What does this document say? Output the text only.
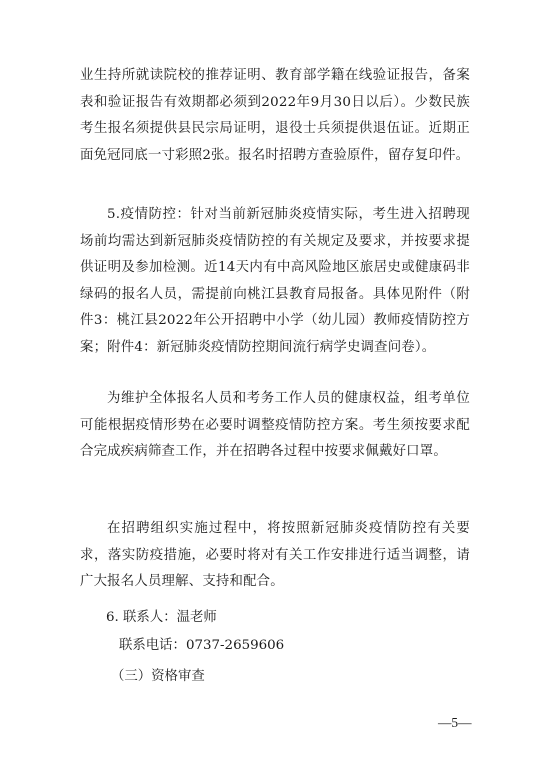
业生持所就读院校的推荐证明、教育部学籍在线验证报告，备案表和验证报告有效期都必须到2022年9月30日以后）。少数民族考生报名须提供县民宗局证明，退役士兵须提供退伍证。近期正面免冠同底一寸彩照2张。报名时招聘方查验原件，留存复印件。
5.疫情防控：针对当前新冠肺炎疫情实际，考生进入招聘现场前均需达到新冠肺炎疫情防控的有关规定及要求，并按要求提供证明及参加检测。近14天内有中高风险地区旅居史或健康码非绿码的报名人员，需提前向桃江县教育局报备。具体见附件（附件3：桃江县2022年公开招聘中小学（幼儿园）教师疫情防控方案；附件4：新冠肺炎疫情防控期间流行病学史调查问卷）。
为维护全体报名人员和考务工作人员的健康权益，组考单位可能根据疫情形势在必要时调整疫情防控方案。考生须按要求配合完成疾病筛查工作，并在招聘各过程中按要求佩戴好口罩。
在招聘组织实施过程中，将按照新冠肺炎疫情防控有关要求，落实防疫措施，必要时将对有关工作安排进行适当调整，请广大报名人员理解、支持和配合。
6. 联系人：温老师
联系电话：0737-2659606
（三）资格审查
—5—
